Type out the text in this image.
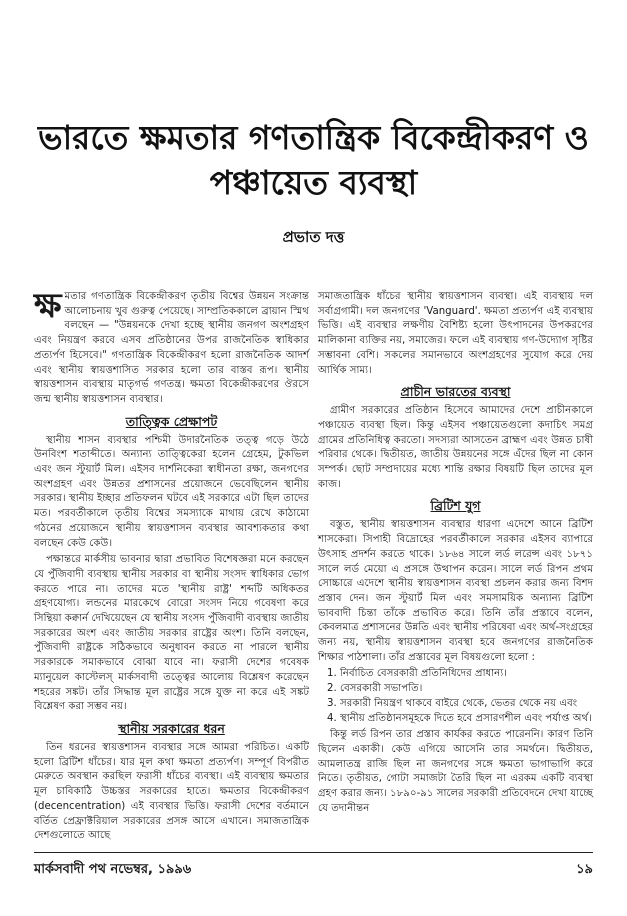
ভারতে ক্ষমতার গণতান্ত্রিক বিকেন্দ্রীকরণ ও
পঞ্চায়েত ব্যবস্থা
প্রভাত দত্ত

ক্ষ মতার গণতান্ত্রিক বিকেন্দ্রীকরণ তৃতীয় বিশ্বের উন্নয়ন সংক্রান্ত আলোচনায় খুব গুরুত্ব পেয়েছে। সাম্প্রতিককালে ব্রায়ান স্মিথ বলছেন — "উন্নয়নকে দেখা হচ্ছে স্থানীয় জনগণ অংশগ্রহণ এবং নিয়ন্ত্রণ করবে এসব প্রতিষ্ঠানের উপর রাজনৈতিক স্বাধিকার প্রত্যর্পণ হিসেবে।" গণতান্ত্রিক বিকেন্দ্রীকরণ হলো রাজনৈতিক আদর্শ এবং স্থানীয় স্বায়ত্তশাসিত সরকার হলো তার বাস্তব রূপ। স্থানীয় স্বায়ত্তশাসন ব্যবস্থায় মাতৃগর্ভ গণতন্ত্র। ক্ষমতা বিকেন্দ্রীকরণের ঔরসে জন্ম স্থানীয় স্বায়ত্তশাসন ব্যবস্থার।

তাত্ত্বিক প্রেক্ষাপট

স্থানীয় শাসন ব্যবস্থার পশ্চিমী উদারনৈতিক তত্ত্ব গড়ে উঠে উনবিংশ শতাব্দীতে। অন্যান্য তাত্ত্বিকেরা হলেন গ্রেহেম, টুকভিল এবং জন স্টুয়ার্ট মিল। এইসব দার্শনিকেরা স্বাধীনতা রক্ষা, জনগণের অংশগ্রহণ এবং উন্নতর প্রশাসনের প্রয়োজনে ভেবেছিলেন স্থানীয় সরকার। স্থানীয় ইচ্ছার প্রতিফলন ঘটবে এই সরকারে এটা ছিল তাদের মত। পরবর্তীকালে তৃতীয় বিশ্বের সমস্যাকে মাথায় রেখে কাঠামো গঠনের প্রয়োজনে স্থানীয় স্বায়ত্তশাসন ব্যবস্থার আবশ্যকতার কথা বলছেন কেউ কেউ।

পক্ষান্তরে মার্কসীয় ভাবনার দ্বারা প্রভাবিত বিশেষজ্ঞরা মনে করছেন যে পুঁজিবাদী ব্যবস্থায় স্থানীয় সরকার বা স্থানীয় সংসদ স্বাধিকার ভোগ করতে পারে না। তাদের মতে 'স্থানীয় রাষ্ট্র' শব্দটি অধিকতর গ্রহণযোগ্য। লন্ডনের মারকেথে বোরো সংসদ নিয়ে গবেষণা করে সিন্থিয়া কক্বার্ন দেখিয়েছেন যে স্থানীয় সংসদ পুঁজিবাদী ব্যবস্থায় জাতীয় সরকারের অংশ এবং জাতীয় সরকার রাষ্ট্রের অংশ। তিনি বলছেন, পুঁজিবাদী রাষ্ট্রকে সঠিকভাবে অনুধাবন করতে না পারলে স্থানীয় সরকারকে সমাকভাবে বোঝা যাবে না। ফরাসী দেশের গবেষক ম্যানুয়েল কাস্টেলস্ মার্কসবাদী তত্ত্বের আলোয় বিশ্লেষণ করেছেন শহরের সঙ্কট। তাঁর সিদ্ধান্ত মূল রাষ্ট্রের সঙ্গে যুক্ত না করে এই সঙ্কট বিশ্লেষণ করা সম্ভব নয়।

স্থানীয় সরকারের ধরন

তিন ধরনের স্বায়ত্তশাসন ব্যবস্থার সঙ্গে আমরা পরিচিত। একটি হলো ব্রিটিশ ধাঁচের। যার মূল কথা ক্ষমতা প্রত্যর্পণ। সম্পূর্ণ বিপরীত মেরুতে অবস্থান করছিল ফরাসী ধাঁচের ব্যবস্থা। এই ব্যবস্থায় ক্ষমতার মূল চাবিকাঠি উচ্চস্তর সরকারের হাতে। ক্ষমতার বিকেন্দ্রীকরণ (decencentration) এই ব্যবস্থার ভিত্তি। ফরাসী দেশের বর্তমানে বর্তিত প্রেফ্রাক্টরিয়াল সরকারের প্রসঙ্গ আসে এখানে। সমাজতান্ত্রিক দেশগুলোতে আছে

সমাজতান্ত্রিক ধাঁচের স্থানীয় স্বায়ত্তশাসন ব্যবস্থা। এই ব্যবস্থায় দল সর্বাগ্রগামী। দল জনগণের 'Vanguard'. ক্ষমতা প্রত্যর্পণ এই ব্যবস্থায় ভিত্তি। এই ব্যবস্থার লক্ষণীয় বৈশিষ্ট্য হলো উৎপাদনের উপকরণের মালিকানা ব্যক্তির নয়, সমাজের। ফলে এই ব্যবস্থায় গণ-উদ্যোগ সৃষ্টির সম্ভাবনা বেশি। সকলের সমানভাবে অংশগ্রহণের সুযোগ করে দেয় আর্থিক সাম্য।

প্রাচীন ভারতের ব্যবস্থা

গ্রামীণ সরকারের প্রতিষ্ঠান হিসেবে আমাদের দেশে প্রাচীনকালে পঞ্চায়েত ব্যবস্থা ছিল। কিন্তু এইসব পঞ্চায়েতগুলো কদাচিৎ সমগ্র গ্রামের প্রতিনিধিত্ব করতো। সদস্যরা আসতেন ব্রাহ্মণ এবং উন্নত চাষী পরিবার থেকে। দ্বিতীয়ত, জাতীয় উন্নয়নের সঙ্গে এঁদের ছিল না কোন সম্পর্ক। ছোট সম্প্রদায়ের মধ্যে শান্তি রক্ষার বিষয়টি ছিল তাদের মূল কাজ।

ব্রিটিশ যুগ

বস্তুত, স্থানীয় স্বায়ত্তশাসন ব্যবস্থার ধারণা এদেশে আনে ব্রিটিশ শাসকেরা। সিপাহী বিদ্রোহের পরবর্তীকালে সরকার এইসব ব্যাপারে উৎসাহ প্রদর্শন করতে থাকে। ১৮৬৪ সালে লর্ড লরেন্স এবং ১৮৭১ সালে লর্ড মেয়ো এ প্রসঙ্গে উত্থাপন করেন। সালে লর্ড রিপন প্রথম সোচ্চারে এদেশে স্থানীয় স্বায়ত্তশাসন ব্যবস্থা প্রচলন করার জন্য বিশদ প্রস্তাব দেন। জন স্টুয়ার্ট মিল এবং সমসাময়িক অন্যান্য ব্রিটিশ ভাববাদী চিন্তা তাঁকে প্রভাবিত করে। তিনি তাঁর প্রস্তাবে বলেন, কেবলমাত্র প্রশাসনের উন্নতি এবং স্থানীয় পরিষেবা এবং অর্থ-সংগ্রহের জন্য নয়, স্থানীয় স্বায়ত্তশাসন ব্যবস্থা হবে জনগণের রাজনৈতিক শিক্ষার পাঠশালা। তাঁর প্রস্তাবের মূল বিষয়গুলো হলো :

1. নির্বাচিত বেসরকারী প্রতিনিধিদের প্রাধান্য।
2. বেসরকারী সভাপতি।
3. সরকারী নিয়ন্ত্রণ থাকবে বাইরে থেকে, ভেতর থেকে নয় এবং
4. স্থানীয় প্রতিষ্ঠানসমূহকে দিতে হবে প্রসারণশীল এবং পর্যাপ্ত অর্থ।

কিন্তু লর্ড রিপন তার প্রস্তাব কার্যকর করতে পারেননি। কারণ তিনি ছিলেন একাকী। কেউ এগিয়ে আসেনি তার সমর্থনে। দ্বিতীয়ত, আমলাতন্ত্র রাজি ছিল না জনগণের সঙ্গে ক্ষমতা ভাগাভাগি করে নিতে। তৃতীয়ত, গোটা সমাজটা তৈরি ছিল না এরকম একটি ব্যবস্থা গ্রহণ করার জন্য। ১৮৯০-৯১ সালের সরকারী প্রতিবেদনে দেখা যাচ্ছে যে তদানীন্তন

মার্কসবাদী পথ নভেম্বর, ১৯৯৬	১৯
